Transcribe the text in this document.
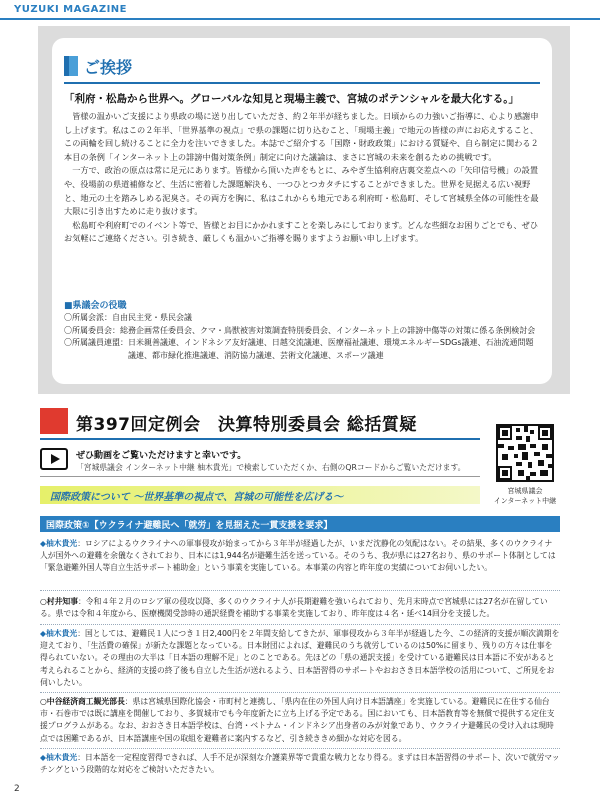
YUZUKI MAGAZINE
ご挨拶
「利府・松島から世界へ。グローバルな知見と現場主義で、宮城のポテンシャルを最大化する。」

皆様の温かいご支援により県政の場に送り出していただき、約２年半が経ちました。日頃からの力強いご指導に、心より感謝申し上げます。私はこの２年半、「世界基準の視点」で県の課題に切り込むこと、「現場主義」で地元の皆様の声にお応えすること、この両輪を回し続けることに全力を注いできました。本誌でご紹介する「国際・財政政策」における質疑や、自ら制定に関わる２本目の条例「インターネット上の誹謗中傷対策条例」制定に向けた議論は、まさに宮城の未来を創るための挑戦です。

一方で、政治の原点は常に足元にあります。皆様から頂いた声をもとに、みやぎ生協利府店裏交差点への「矢印信号機」の設置や、役場前の県道補修など、生活に密着した課題解決も、一つひとつカタチにすることができました。世界を見据える広い視野と、地元の土を踏みしめる泥臭さ。その両方を胸に、私はこれからも地元である利府町・松島町、そして宮城県全体の可能性を最大限に引き出すために走り抜けます。

松島町や利府町でのイベント等で、皆様とお目にかかれますことを楽しみにしております。どんな些細なお困りごとでも、ぜひお気軽にご連絡ください。引き続き、厳しくも温かいご指導を賜りますようお願い申し上げます。

■県議会の役職
〇所属会派： 自由民主党・県民会議
〇所属委員会： 総務企画常任委員会、クマ・鳥獣被害対策調査特別委員会、インターネット上の誹謗中傷等の対策に係る条例検討会
〇所属議員連盟： 日米親善議連、インドネシア友好議連、日越交流議連、医療福祉議連、環境エネルギーSDGs議連、石油流通問題議連、都市緑化推進議連、消防協力議連、芸術文化議連、スポーツ議連
第397回定例会　決算特別委員会 総括質疑
ぜひ動画をご覧いただけますと幸いです。
「宮城県議会 インターネット中継 柚木貴光」で検索していただくか、右側のQRコードからご覧いただけます。
宮城県議会
インターネット中継
国際政策について ～世界基準の視点で、宮城の可能性を広げる～
国際政策①【ウクライナ避難民へ「就労」を見据えた一貫支援を要求】
◆柚木貴光：ロシアによるウクライナへの軍事侵攻が始まってから３年半が経過したが、いまだ沈静化の気配はない。その結果、多くのウクライナ人が国外への避難を余儀なくされており、日本には1,944名が避難生活を送っている。そのうち、我が県には27名おり、県のサポート体制としては「緊急避難外国人等自立生活サポート補助金」という事業を実施している。本事業の内容と昨年度の実績についてお伺いしたい。
○村井知事：令和４年２月のロシア軍の侵攻以降、多くのウクライナ人が長期避難を強いられており、先月末時点で宮城県には27名が在留している。県では令和４年度から、医療機関受診時の通訳経費を補助する事業を実施しており、昨年度は４名・延べ14回分を支援した。
◆柚木貴光：国としては、避難民１人につき１日2,400円を２年間支給してきたが、軍事侵攻から３年半が経過した今、この経済的支援が順次満期を迎えており、「生活費の確保」が新たな課題となっている。日本財団によれば、避難民のうち就労しているのは50%に留まり、残りの方々は仕事を得られていない。その理由の大半は「日本語の理解不足」とのことである。先ほどの「県の通訳支援」を受けている避難民は日本語に不安があると考えられることから、経済的支援の終了後も自立した生活が送れるよう、日本語習得のサポートやおおさき日本語学校の活用について、ご所見をお伺いしたい。
○中谷経済商工観光部長：県は宮城県国際化協会・市町村と連携し、「県内在住の外国人向け日本語講座」を実施している。避難民に在住する仙台市・石巻市では既に講座を開催しており、多賀城市でも今年度新たに立ち上げる予定である。国においても、日本語教育等を無償で提供する定住支援プログラムがある。なお、おおさき日本語学校は、台湾・ベトナム・インドネシア出身者のみが対象であり、ウクライナ避難民の受け入れは現時点では困難であるが、日本語講座や国の取組を避難者に案内するなど、引き続ききめ細かな対応を図る。
◆柚木貴光：日本語を一定程度習得できれば、人手不足が深刻な介護業界等で貴重な戦力となり得る。まずは日本語習得のサポート、次いで就労マッチングという段階的な対応をご検討いただきたい。
2
